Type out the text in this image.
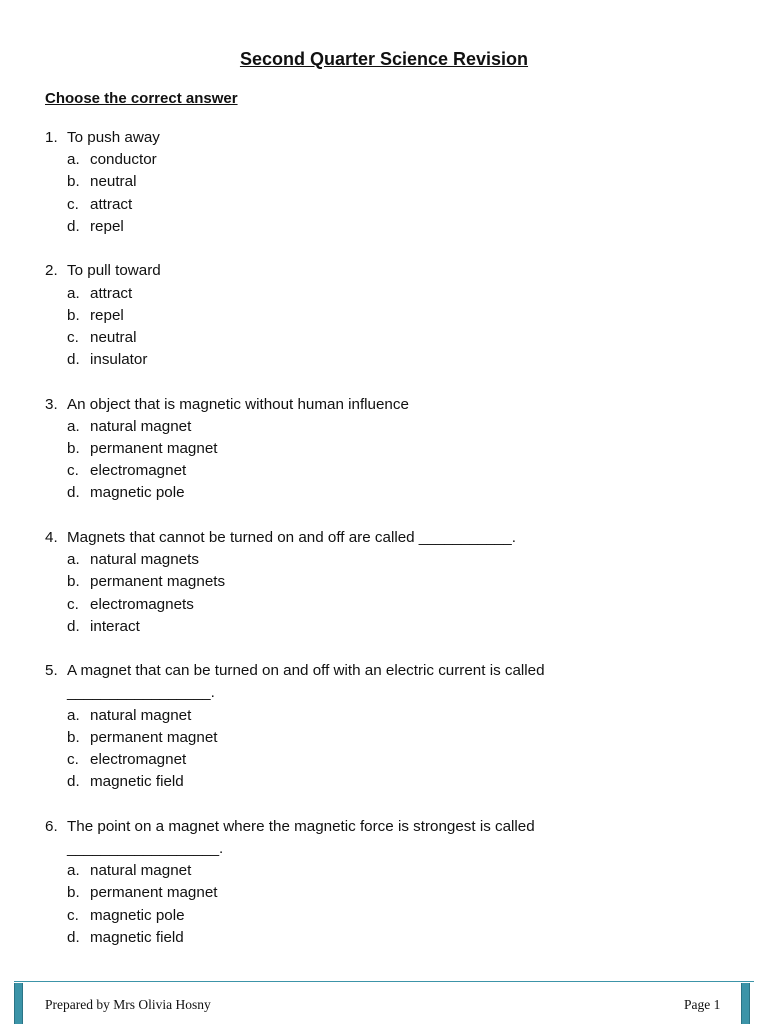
Second Quarter Science Revision
Choose the correct answer
1. To push away
a. conductor
b. neutral
c. attract
d. repel
2. To pull toward
a. attract
b. repel
c. neutral
d. insulator
3. An object that is magnetic without human influence
a. natural magnet
b. permanent magnet
c. electromagnet
d. magnetic pole
4. Magnets that cannot be turned on and off are called ___________.
a. natural magnets
b. permanent magnets
c. electromagnets
d. interact
5. A magnet that can be turned on and off with an electric current is called
_________________.
a. natural magnet
b. permanent magnet
c. electromagnet
d. magnetic field
6. The point on a magnet where the magnetic force is strongest is called
__________________.
a. natural magnet
b. permanent magnet
c. magnetic pole
d. magnetic field
Prepared by Mrs Olivia Hosny	Page 1
